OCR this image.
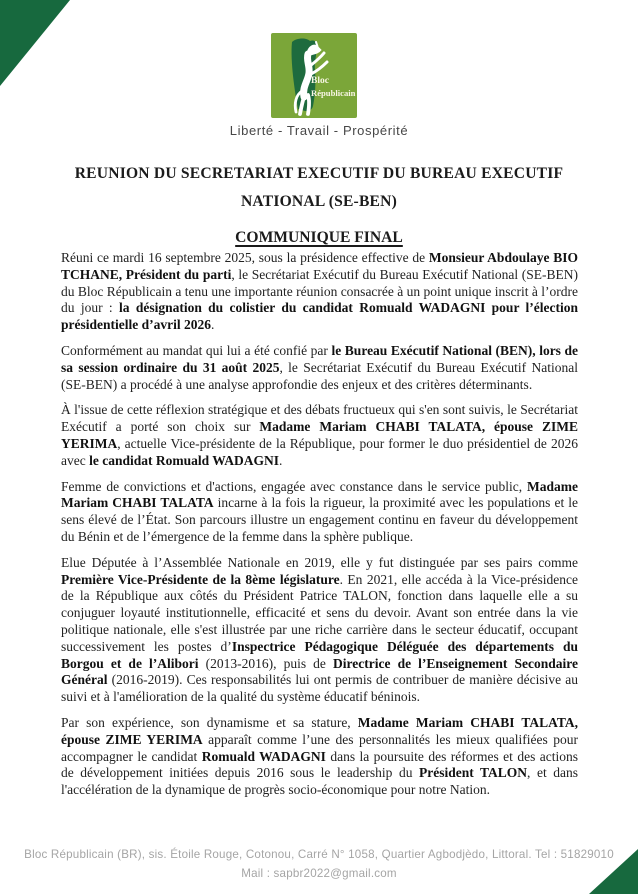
Bloc
Républicain
Liberté - Travail - Prospérité
REUNION DU SECRETARIAT EXECUTIF DU BUREAU EXECUTIF NATIONAL (SE-BEN)
COMMUNIQUE FINAL

Réuni ce mardi 16 septembre 2025, sous la présidence effective de Monsieur Abdoulaye BIO TCHANE, Président du parti, le Secrétariat Exécutif du Bureau Exécutif National (SE-BEN) du Bloc Républicain a tenu une importante réunion consacrée à un point unique inscrit à l’ordre du jour : la désignation du colistier du candidat Romuald WADAGNI pour l’élection présidentielle d’avril 2026.

Conformément au mandat qui lui a été confié par le Bureau Exécutif National (BEN), lors de sa session ordinaire du 31 août 2025, le Secrétariat Exécutif du Bureau Exécutif National (SE-BEN) a procédé à une analyse approfondie des enjeux et des critères déterminants.

À l'issue de cette réflexion stratégique et des débats fructueux qui s'en sont suivis, le Secrétariat Exécutif a porté son choix sur Madame Mariam CHABI TALATA, épouse ZIME YERIMA, actuelle Vice-présidente de la République, pour former le duo présidentiel de 2026 avec le candidat Romuald WADAGNI.

Femme de convictions et d'actions, engagée avec constance dans le service public, Madame Mariam CHABI TALATA incarne à la fois la rigueur, la proximité avec les populations et le sens élevé de l’État. Son parcours illustre un engagement continu en faveur du développement du Bénin et de l’émergence de la femme dans la sphère publique.

Elue Députée à l’Assemblée Nationale en 2019, elle y fut distinguée par ses pairs comme Première Vice-Présidente de la 8ème législature. En 2021, elle accéda à la Vice-présidence de la République aux côtés du Président Patrice TALON, fonction dans laquelle elle a su conjuguer loyauté institutionnelle, efficacité et sens du devoir. Avant son entrée dans la vie politique nationale, elle s'est illustrée par une riche carrière dans le secteur éducatif, occupant successivement les postes d’Inspectrice Pédagogique Déléguée des départements du Borgou et de l’Alibori (2013-2016), puis de Directrice de l’Enseignement Secondaire Général (2016-2019). Ces responsabilités lui ont permis de contribuer de manière décisive au suivi et à l'amélioration de la qualité du système éducatif béninois.

Par son expérience, son dynamisme et sa stature, Madame Mariam CHABI TALATA, épouse ZIME YERIMA apparaît comme l’une des personnalités les mieux qualifiées pour accompagner le candidat Romuald WADAGNI dans la poursuite des réformes et des actions de développement initiées depuis 2016 sous le leadership du Président TALON, et dans l'accélération de la dynamique de progrès socio-économique pour notre Nation.

Bloc Républicain (BR), sis. Étoile Rouge, Cotonou, Carré N° 1058, Quartier Agbodjèdo, Littoral. Tel : 51829010
Mail : sapbr2022@gmail.com
